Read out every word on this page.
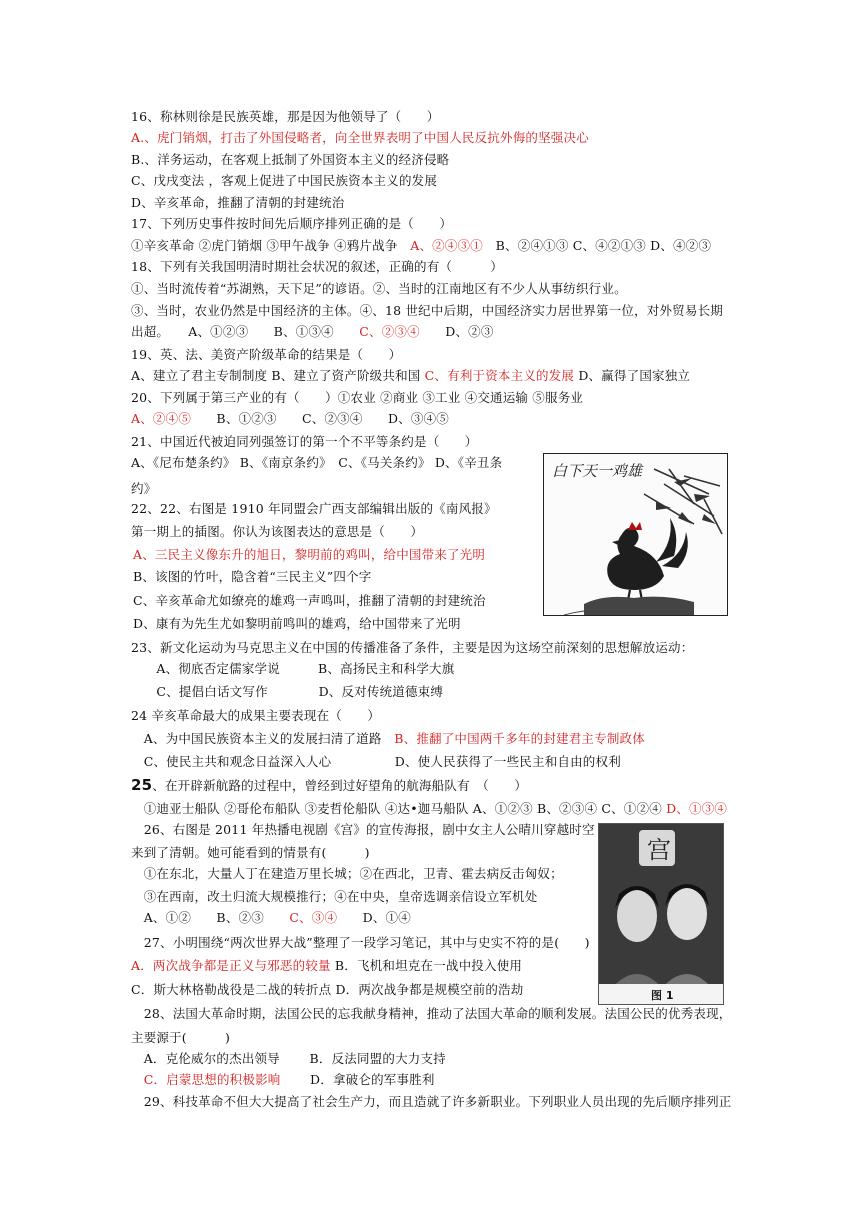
16、称林则徐是民族英雄，那是因为他领导了（　　）
A.、虎门销烟，打击了外国侵略者，向全世界表明了中国人民反抗外侮的坚强决心
B.、洋务运动，在客观上抵制了外国资本主义的经济侵略
C、戊戌变法 ，客观上促进了中国民族资本主义的发展
D、辛亥革命，推翻了清朝的封建统治
17、下列历史事件按时间先后顺序排列正确的是（　　）
①辛亥革命 ②虎门销烟 ③甲午战争 ④鸦片战争　A、②④③①　B、②④①③ C、④②①③ D、④②③
18、下列有关我国明清时期社会状况的叙述，正确的有（　　　）
①、当时流传着“苏湖熟，天下足”的谚语。②、当时的江南地区有不少人从事纺织行业。
③、当时，农业仍然是中国经济的主体。④、18 世纪中后期，中国经济实力居世界第一位，对外贸易长期
出超。　　A、①②③　　B、①③④　　C、②③④　　D、②③
19、英、法、美资产阶级革命的结果是（　　）
A、建立了君主专制制度 B、建立了资产阶级共和国 C、有利于资本主义的发展 D、赢得了国家独立
20、下列属于第三产业的有（　　）①农业 ②商业 ③工业 ④交通运输 ⑤服务业
A、②④⑤　　B、①②③　　C、②③④　　D、③④⑤
21、中国近代被迫同列强签订的第一个不平等条约是（　　）
A、《尼布楚条约》 B、《南京条约》　C、《马关条约》 D、《辛丑条
约》
22、22、右图是 1910 年同盟会广西支部编辑出版的《南风报》
第一期上的插图。你认为该图表达的意思是（　　）
A、三民主义像东升的旭日，黎明前的鸡叫，给中国带来了光明
B、该图的竹叶，隐含着“三民主义”四个字
C、辛亥革命尤如缭亮的雄鸡一声鸣叫，推翻了清朝的封建统治
D、康有为先生尤如黎明前鸣叫的雄鸡，给中国带来了光明
23、新文化运动为马克思主义在中国的传播准备了条件，主要是因为这场空前深刻的思想解放运动：
　　A、彻底否定儒家学说　　　B、高扬民主和科学大旗
　　C、提倡白话文写作　　　　D、反对传统道德束缚
24 辛亥革命最大的成果主要表现在（　　）
　A、为中国民族资本主义的发展扫清了道路　B、推翻了中国两千多年的封建君主专制政体
　C、使民主共和观念日益深入人心　　　　　D、使人民获得了一些民主和自由的权利
25、在开辟新航路的过程中，曾经到过好望角的航海船队有　（　　）
　①迪亚士船队 ②哥伦布船队 ③麦哲伦船队 ④达•迦马船队 A、①②③ B、②③④ C、①②④ D、①③④
　26、右图是 2011 年热播电视剧《宫》的宣传海报，剧中女主人公晴川穿越时空
来到了清朝。她可能看到的情景有(　　　)
　①在东北，大量人丁在建造万里长城；②在西北，卫青、霍去病反击匈奴；
　③在西南，改土归流大规模推行；④在中央，皇帝选调亲信设立军机处
　A、①②　　B、②③　　C、③④　　D、①④
　27、小明围绕“两次世界大战”整理了一段学习笔记，其中与史实不符的是(　　)
A．两次战争都是正义与邪恶的较量 B．飞机和坦克在一战中投入使用
C．斯大林格勒战役是二战的转折点 D．两次战争都是规模空前的浩劫
　28、法国大革命时期，法国公民的忘我献身精神，推动了法国大革命的顺利发展。法国公民的优秀表现，
主要源于(　　　)
　A．克伦威尔的杰出领导　　 B．反法同盟的大力支持
　C．启蒙思想的积极影响　　 D．拿破仑的军事胜利
　29、科技革命不但大大提高了社会生产力，而且造就了许多新职业。下列职业人员出现的先后顺序排列正
白下天一鸡雄
宫
图 1
